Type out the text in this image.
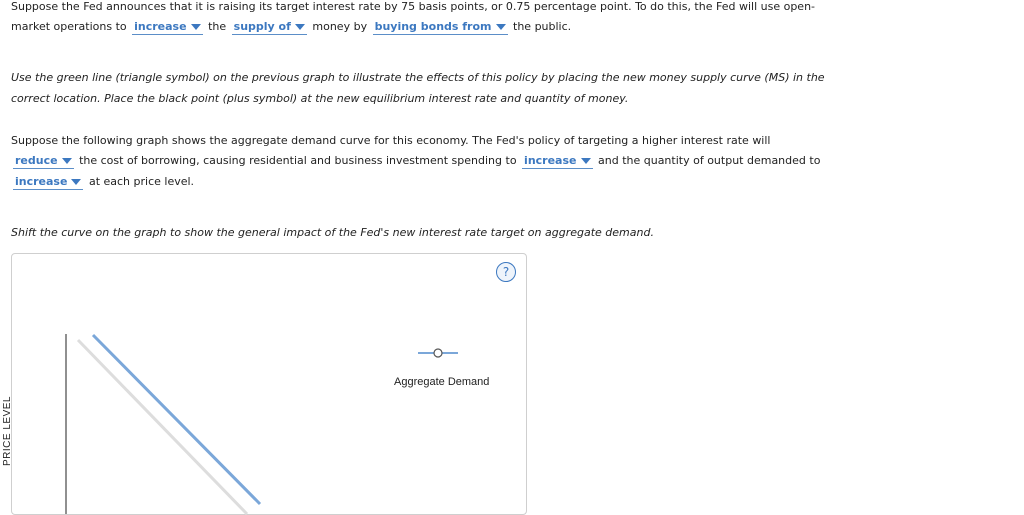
Suppose the Fed announces that it is raising its target interest rate by 75 basis points, or 0.75 percentage point. To do this, the Fed will use open-
market operations to increase the supply of money by buying bonds from the public.
Use the green line (triangle symbol) on the previous graph to illustrate the effects of this policy by placing the new money supply curve (MS) in the
correct location. Place the black point (plus symbol) at the new equilibrium interest rate and quantity of money.
Suppose the following graph shows the aggregate demand curve for this economy. The Fed's policy of targeting a higher interest rate will
reduce the cost of borrowing, causing residential and business investment spending to increase and the quantity of output demanded to
increase at each price level.
Shift the curve on the graph to show the general impact of the Fed's new interest rate target on aggregate demand.
?
Aggregate Demand
PRICE LEVEL
